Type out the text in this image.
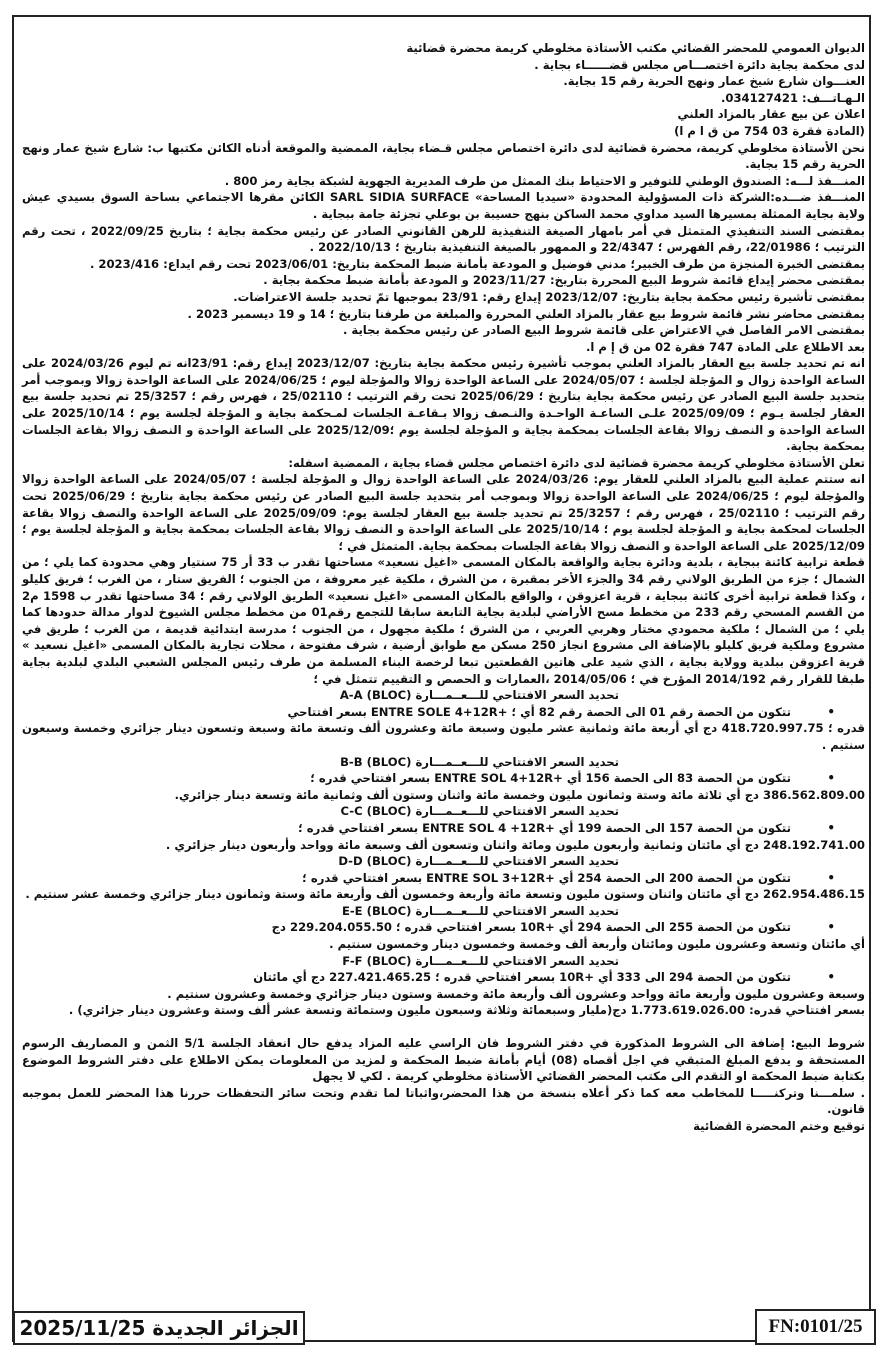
الديوان العمومي للمحضر القضائي مكتب الأستاذة مخلوطي كريمة محضرة قضائية

لدى محكمة بجاية دائرة اختصـــاص مجلس قضــــــاء بجاية .

العنـــوان شارع شيخ عمار ونهج الحرية رقم 15 بجاية.

الـهـاتـــف: 034127421.

اعلان عن بيع عقار بالمزاد العلني

(المادة فقرة 03 754 من ق ا م ا)

نحن الأستاذة مخلوطي كريمة، محضرة قضائية لدى دائرة اختصاص مجلس قـضاء بجاية، الممضية والموقعة أدناه الكائن مكتبها ب: شارع شيخ عمار ونهج الحرية رقم 15 بجاية.

المنـــفذ لـــه: الصندوق الوطني للتوفير و الاحتياط بنك الممثل من طرف المديرية الجهوية لشبكة بجاية رمز 800 .

المنـــفذ ضـــده:الشركة ذات المسؤولية المحدودة «سيديا المساحة» SARL SIDIA SURFACE الكائن مقرها الاجتماعي بساحة السوق بسيدي عيش ولاية بجاية الممثلة بمسيرها السيد مداوي محمد الساكن بنهج حسيبة بن بوعلي تجزئة جامة ببجاية .

بمقتضى السند التنفيذي المتمثل في أمر بامهار الصيغة التنفيذية للرهن القانوني الصادر عن رئيس محكمة بجاية ؛ بتاريخ 2022/09/25 ، تحت رقم الترتيب ؛ 22/01986، رقم الفهرس ؛ 22/4347 و الممهور بالصيغة التنفيذية بتاريخ ؛ 2022/10/13 .

بمقتضى الخبرة المنجزة من طرف الخبير؛ مدني فوضيل و المودعة بأمانة ضبط المحكمة بتاريخ: 2023/06/01 تحت رقم ايداع: 2023/416 .

بمقتضى محضر إيداع قائمة شروط البيع المحررة بتاريخ: 2023/11/27 و المودعة بأمانة ضبط محكمة بجاية .

بمقتضى تأشيرة رئيس محكمة بجاية بتاريخ: 2023/12/07 إيداع رقم: 23/91 بموجبها تمّ تحديد جلسة الاعتراضات.

بمقتضى محاضر نشر قائمة شروط بيع عقار بالمزاد العلني المحررة والمبلغة من طرفنا بتاريخ ؛ 14 و 19 ديسمبر 2023 .

بمقتضى الامر الفاصل في الاعتراض على قائمة شروط البيع الصادر عن رئيس محكمة بجاية .

بعد الاطلاع على المادة 747 فقرة 02 من ق إ م ا.

انه تم تحديد جلسة بيع العقار بالمزاد العلني بموجب تأشيرة رئيس محكمة بجاية بتاريخ: 2023/12/07 إيداع رقم: 23/91انه تم ليوم 2024/03/26 على الساعة الواحدة زوال و المؤجلة لجلسة ؛ 2024/05/07 على الساعة الواحدة زوالا والمؤجلة ليوم ؛ 2024/06/25 على الساعة الواحدة زوالا وبموجب أمر بتحديد جلسة البيع الصادر عن رئيس محكمة بجاية بتاريخ ؛ 2025/06/29 تحت رقم الترتيب ؛ 25/02110 ، فهرس رقم ؛ 25/3257 تم تحديد جلسة بيع العقار لجلسة يـوم ؛ 2025/09/09 علـى الساعـة الواحـدة والنـصف زوالا بـقاعـة الجلسات لمـحكمة بجاية و المؤجلة لجلسة يوم ؛ 2025/10/14 على الساعة الواحدة و النصف زوالا بقاعة الجلسات بمحكمة بجاية و المؤجلة لجلسة يوم ؛2025/12/09 على الساعة الواحدة و النصف زوالا بقاعة الجلسات بمحكمة بجاية.

تعلن الأستاذة مخلوطي كريمة محضرة قضائية لدى دائرة اختصاص مجلس قضاء بجاية ، الممضية اسفله:

انه ستتم عملية البيع بالمزاد العلني للعقار يوم: 2024/03/26 على الساعة الواحدة زوال و المؤجلة لجلسة ؛ 2024/05/07 على الساعة الواحدة زوالا والمؤجلة ليوم ؛ 2024/06/25 على الساعة الواحدة زوالا وبموجب أمر بتحديد جلسة البيع الصادر عن رئيس محكمة بجاية بتاريخ ؛ 2025/06/29 تحت رقم الترتيب ؛ 25/02110 ، فهرس رقم ؛ 25/3257 تم تحديد جلسة بيع العقار لجلسة يوم: 2025/09/09 على الساعة الواحدة والنصف زوالا بقاعة الجلسات لمحكمة بجاية و المؤجلة لجلسة يوم ؛ 2025/10/14 على الساعة الواحدة و النصف زوالا بقاعة الجلسات بمحكمة بجاية و المؤجلة لجلسة يوم ؛2025/12/09 على الساعة الواحدة و النصف زوالا بقاعة الجلسات بمحكمة بجاية. المتمثل في ؛

قطعة ترابية كائنة ببجاية ، بلدية ودائرة بجاية والواقعة بالمكان المسمى «اغيل نسعيد» مساحتها تقدر ب 33 أر 75 سنتيار وهي محدودة كما يلي ؛ من الشمال ؛ جزء من الطريق الولاني رقم 34 والجزء الأخر بمقبرة ، من الشرق ، ملكية غير معروفة ، من الجنوب ؛ الفريق ستار ، من الغرب ؛ فريق كليلو ، وكذا قطعة ترابية أخرى كائنة ببجاية ، قرية اعزوقن ، والواقع بالمكان المسمى «اغيل نسعيد» الطريق الولاني رقم ؛ 34 مساحتها تقدر ب 1598 م2 من القسم المسحي رقم 233 من مخطط مسح الأراضي لبلدية بجاية التابعة سابقا للتجمع رقم01 من مخطط مجلس الشيوخ لدوار مدالة حدودها كما يلي ؛ من الشمال ؛ ملكية محمودي مختار وهربي العربي ، من الشرق ؛ ملكية مجهول ، من الجنوب ؛ مدرسة ابتدائية قديمة ، من الغرب ؛ طريق في مشروع وملكية فريق كليلو بالإضافة الى مشروع انجاز 250 مسكن مع طوابق أرضية ، شرف مفتوحة ، محلات تجارية بالمكان المسمى «اغيل نسعيد » قرية اعزوقن ببلدية وولاية بجاية ، الذي شيد على هاتين القطعتين تبعا لرخصة البناء المسلمة من طرف رئيس المجلس الشعبي البلدي لبلدية بجاية طبقا للقرار رقم 2014/192 المؤرخ في ؛ 2014/05/06 ،العمارات و الحصص و التقييم تتمثل في ؛

تحديد السعر الافتتاحي للـــعــمـــارة (BLOC) A-A

• تتكون من الحصة رقم 01 الى الحصة رقم 82 أي ؛ +ENTRE SOLE 4+12R بسعر افتتاحي

قدره ؛ 418.720.997.75 دج أي أربعة مائة وثمانية عشر مليون وسبعة مائة وعشرون ألف وتسعة مائة وسبعة وتسعون دينار جزائري وخمسة وسبعون سنتيم .

تحديد السعر الافتتاحي للـــعــمـــارة (BLOC) B-B

• تتكون من الحصة 83 الى الحصة 156 أي +ENTRE SOL 4+12R بسعر افتتاحي قدره ؛

386.562.809.00 دج أي ثلاثة مائة وستة وثمانون مليون وخمسة مائة واثنان وستون ألف وثمانية مائة وتسعة دينار جزائري.

تحديد السعر الافتتاحي للـــعــمـــارة (BLOC) C-C

• تتكون من الحصة 157 الى الحصة 199 أي +ENTRE SOL 4 +12R بسعر افتتاحي قدره ؛

248.192.741.00 دج أي مائتان وثمانية وأربعون مليون ومائة واثنان وتسعون ألف وسبعة مائة وواحد وأربعون دينار جزائري .

تحديد السعر الافتتاحي للـــعــمـــارة (BLOC) D-D

• تتكون من الحصة 200 الى الحصة 254 أي +ENTRE SOL 3+12R بسعر افتتاحي قدره ؛

262.954.486.15 دج أي مائتان واثنان وستون مليون وتسعة مائة وأربعة وخمسون ألف وأربعة مائة وستة وثمانون دينار جزائري وخمسة عشر سنتيم .

تحديد السعر الافتتاحي للـــعــمـــارة (BLOC) E-E

• تتكون من الحصة 255 الى الحصة 294 أي +10R بسعر افتتاحي قدره ؛ 229.204.055.50 دج

أي مائتان وتسعة وعشرون مليون ومائتان وأربعة ألف وخمسة وخمسون دينار وخمسون سنتيم .

تحديد السعر الافتتاحي للـــعــمـــارة (BLOC) F-F

• تتكون من الحصة 294 الى 333 أي +10R بسعر افتتاحي قدره ؛ 227.421.465.25 دج أي مائتان

وسبعة وعشرون مليون وأربعة مائة وواحد وعشرون ألف وأربعة مائة وخمسة وستون دينار جزائري وخمسة وعشرون سنتيم .

بسعر افتتاحي قدره: 1.773.619.026.00 دج(مليار وسبعمائة وثلاثة وسبعون مليون وستمائة وتسعة عشر ألف وستة وعشرون دينار جزائري) .

شروط البيع: إضافة الى الشروط المذكورة في دفتر الشروط فان الراسي عليه المزاد يدفع حال انعقاد الجلسة 5/1 الثمن و المصاريف الرسوم المستحقة و يدفع المبلغ المتبقي في اجل أقصاه (08) أيام بأمانة ضبط المحكمة و لمزيد من المعلومات يمكن الاطلاع على دفتر الشروط الموضوع بكتابة ضبط المحكمة او التقدم الى مكتب المحضر القضائي الأستاذة مخلوطي كريمة . لكي لا يجهل

. سلمـــنا وتركنـــــا للمخاطب معه كما ذكر أعلاه بنسخة من هذا المحضر،واثباتا لما تقدم وتحت سائر التحفظات حررنا هذا المحضر للعمل بموجبه قانون.

توقيع وختم المحضرة القضائية

الجزائر الجديدة 2025/11/25	FN:0101/25
